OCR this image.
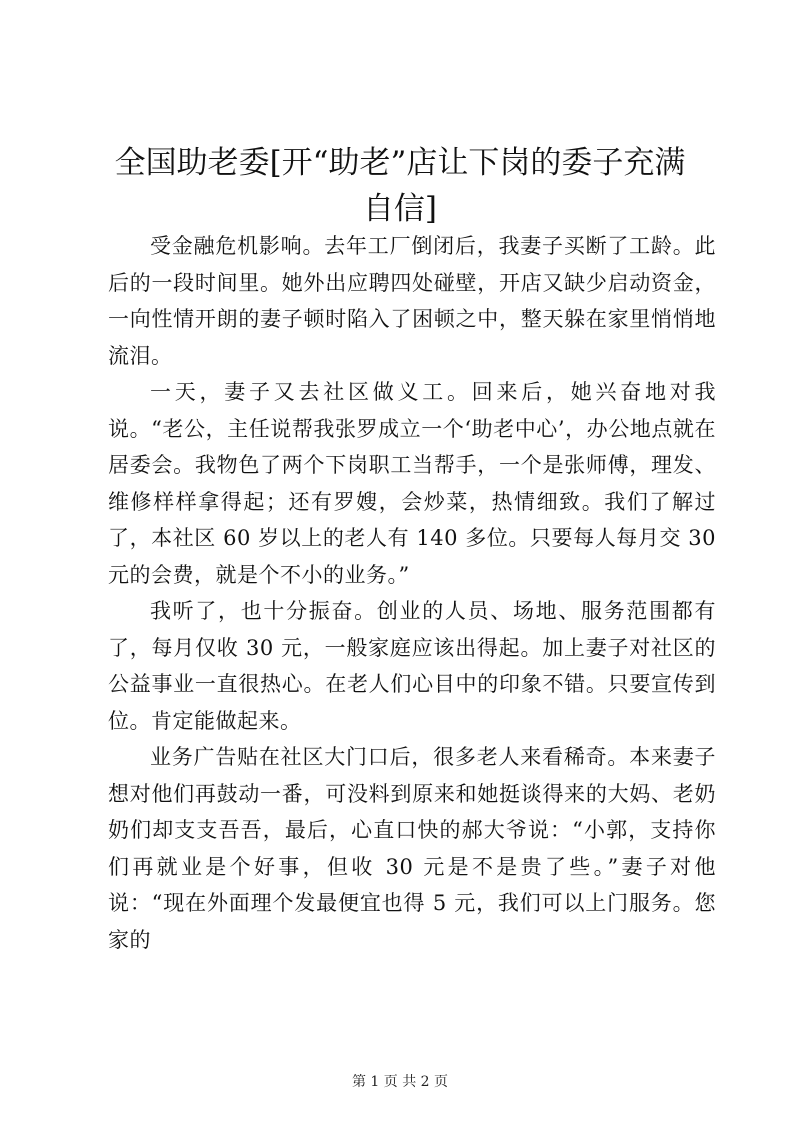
全国助老委[开“助老”店让下岗的委子充满自信]

受金融危机影响。去年工厂倒闭后，我妻子买断了工龄。此后的一段时间里。她外出应聘四处碰壁，开店又缺少启动资金，一向性情开朗的妻子顿时陷入了困顿之中，整天躲在家里悄悄地流泪。

一天，妻子又去社区做义工。回来后，她兴奋地对我说。“老公，主任说帮我张罗成立一个‘助老中心’，办公地点就在居委会。我物色了两个下岗职工当帮手，一个是张师傅，理发、维修样样拿得起；还有罗嫂，会炒菜，热情细致。我们了解过了，本社区 60 岁以上的老人有 140 多位。只要每人每月交 30 元的会费，就是个不小的业务。”

我听了，也十分振奋。创业的人员、场地、服务范围都有了，每月仅收 30 元，一般家庭应该出得起。加上妻子对社区的公益事业一直很热心。在老人们心目中的印象不错。只要宣传到位。肯定能做起来。

业务广告贴在社区大门口后，很多老人来看稀奇。本来妻子想对他们再鼓动一番，可没料到原来和她挺谈得来的大妈、老奶奶们却支支吾吾，最后，心直口快的郝大爷说：“小郭，支持你们再就业是个好事，但收 30 元是不是贵了些。”妻子对他说：“现在外面理个发最便宜也得 5 元，我们可以上门服务。您家的

第 1 页 共 2 页
